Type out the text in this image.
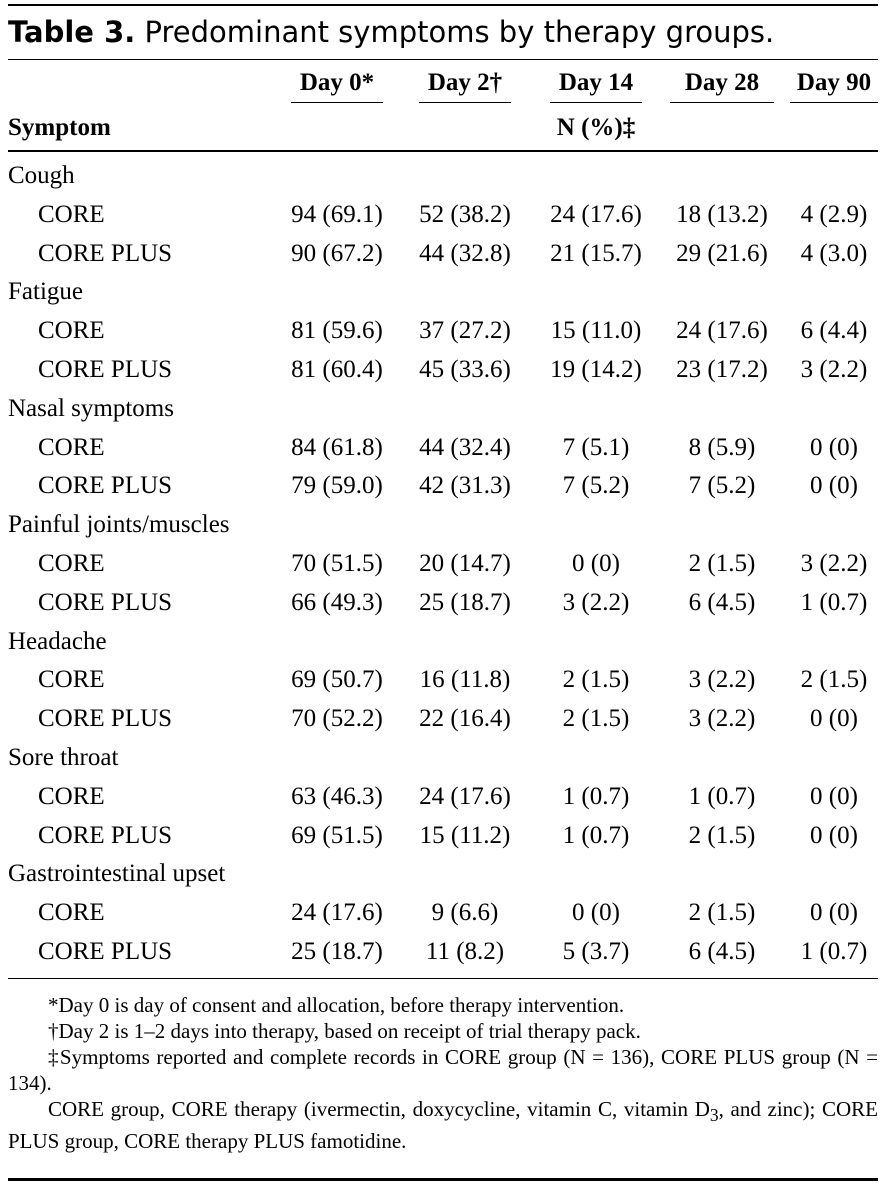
Table 3. Predominant symptoms by therapy groups.
Day 0*	Day 2†	Day 14	Day 28	Day 90
Symptom	N (%)‡
Cough
CORE	94 (69.1)	52 (38.2)	24 (17.6)	18 (13.2)	4 (2.9)
CORE PLUS	90 (67.2)	44 (32.8)	21 (15.7)	29 (21.6)	4 (3.0)
Fatigue
CORE	81 (59.6)	37 (27.2)	15 (11.0)	24 (17.6)	6 (4.4)
CORE PLUS	81 (60.4)	45 (33.6)	19 (14.2)	23 (17.2)	3 (2.2)
Nasal symptoms
CORE	84 (61.8)	44 (32.4)	7 (5.1)	8 (5.9)	0 (0)
CORE PLUS	79 (59.0)	42 (31.3)	7 (5.2)	7 (5.2)	0 (0)
Painful joints/muscles
CORE	70 (51.5)	20 (14.7)	0 (0)	2 (1.5)	3 (2.2)
CORE PLUS	66 (49.3)	25 (18.7)	3 (2.2)	6 (4.5)	1 (0.7)
Headache
CORE	69 (50.7)	16 (11.8)	2 (1.5)	3 (2.2)	2 (1.5)
CORE PLUS	70 (52.2)	22 (16.4)	2 (1.5)	3 (2.2)	0 (0)
Sore throat
CORE	63 (46.3)	24 (17.6)	1 (0.7)	1 (0.7)	0 (0)
CORE PLUS	69 (51.5)	15 (11.2)	1 (0.7)	2 (1.5)	0 (0)
Gastrointestinal upset
CORE	24 (17.6)	9 (6.6)	0 (0)	2 (1.5)	0 (0)
CORE PLUS	25 (18.7)	11 (8.2)	5 (3.7)	6 (4.5)	1 (0.7)

*Day 0 is day of consent and allocation, before therapy intervention.

†Day 2 is 1–2 days into therapy, based on receipt of trial therapy pack.

‡Symptoms reported and complete records in CORE group (N = 136), CORE PLUS group (N = 134).

CORE group, CORE therapy (ivermectin, doxycycline, vitamin C, vitamin $D_3$, and zinc); CORE PLUS group, CORE therapy PLUS famotidine.
